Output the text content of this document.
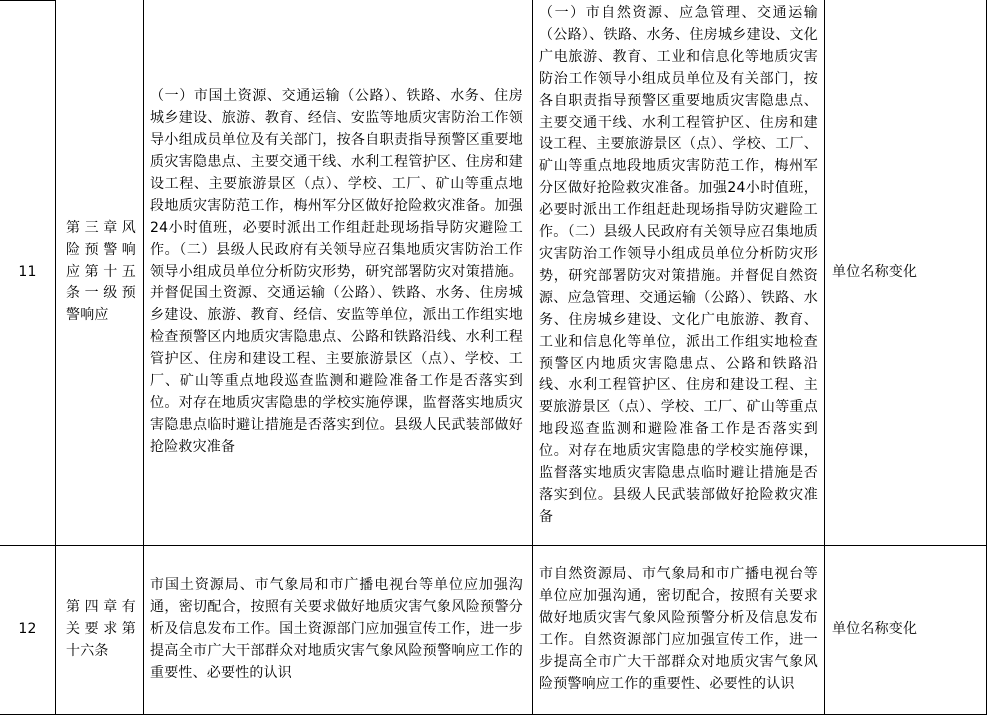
11
第三章风险预警响应第十五条一级预警响应
（一）市国土资源、交通运输（公路）、铁路、水务、住房城乡建设、旅游、教育、经信、安监等地质灾害防治工作领导小组成员单位及有关部门，按各自职责指导预警区重要地质灾害隐患点、主要交通干线、水利工程管护区、住房和建设工程、主要旅游景区（点）、学校、工厂、矿山等重点地段地质灾害防范工作，梅州军分区做好抢险救灾准备。加强24小时值班，必要时派出工作组赶赴现场指导防灾避险工作。（二）县级人民政府有关领导应召集地质灾害防治工作领导小组成员单位分析防灾形势，研究部署防灾对策措施。并督促国土资源、交通运输（公路）、铁路、水务、住房城乡建设、旅游、教育、经信、安监等单位，派出工作组实地检查预警区内地质灾害隐患点、公路和铁路沿线、水利工程管护区、住房和建设工程、主要旅游景区（点）、学校、工厂、矿山等重点地段巡查监测和避险准备工作是否落实到位。对存在地质灾害隐患的学校实施停课，监督落实地质灾害隐患点临时避让措施是否落实到位。县级人民武装部做好抢险救灾准备
（一）市自然资源、应急管理、交通运输（公路）、铁路、水务、住房城乡建设、文化广电旅游、教育、工业和信息化等地质灾害防治工作领导小组成员单位及有关部门，按各自职责指导预警区重要地质灾害隐患点、主要交通干线、水利工程管护区、住房和建设工程、主要旅游景区（点）、学校、工厂、矿山等重点地段地质灾害防范工作，梅州军分区做好抢险救灾准备。加强24小时值班，必要时派出工作组赶赴现场指导防灾避险工作。（二）县级人民政府有关领导应召集地质灾害防治工作领导小组成员单位分析防灾形势，研究部署防灾对策措施。并督促自然资源、应急管理、交通运输（公路）、铁路、水务、住房城乡建设、文化广电旅游、教育、工业和信息化等单位，派出工作组实地检查预警区内地质灾害隐患点、公路和铁路沿线、水利工程管护区、住房和建设工程、主要旅游景区（点）、学校、工厂、矿山等重点地段巡查监测和避险准备工作是否落实到位。对存在地质灾害隐患的学校实施停课，监督落实地质灾害隐患点临时避让措施是否落实到位。县级人民武装部做好抢险救灾准备
单位名称变化
12
第四章有关要求第十六条
市国土资源局、市气象局和市广播电视台等单位应加强沟通，密切配合，按照有关要求做好地质灾害气象风险预警分析及信息发布工作。国土资源部门应加强宣传工作，进一步提高全市广大干部群众对地质灾害气象风险预警响应工作的重要性、必要性的认识
市自然资源局、市气象局和市广播电视台等单位应加强沟通，密切配合，按照有关要求做好地质灾害气象风险预警分析及信息发布工作。自然资源部门应加强宣传工作，进一步提高全市广大干部群众对地质灾害气象风险预警响应工作的重要性、必要性的认识
单位名称变化
